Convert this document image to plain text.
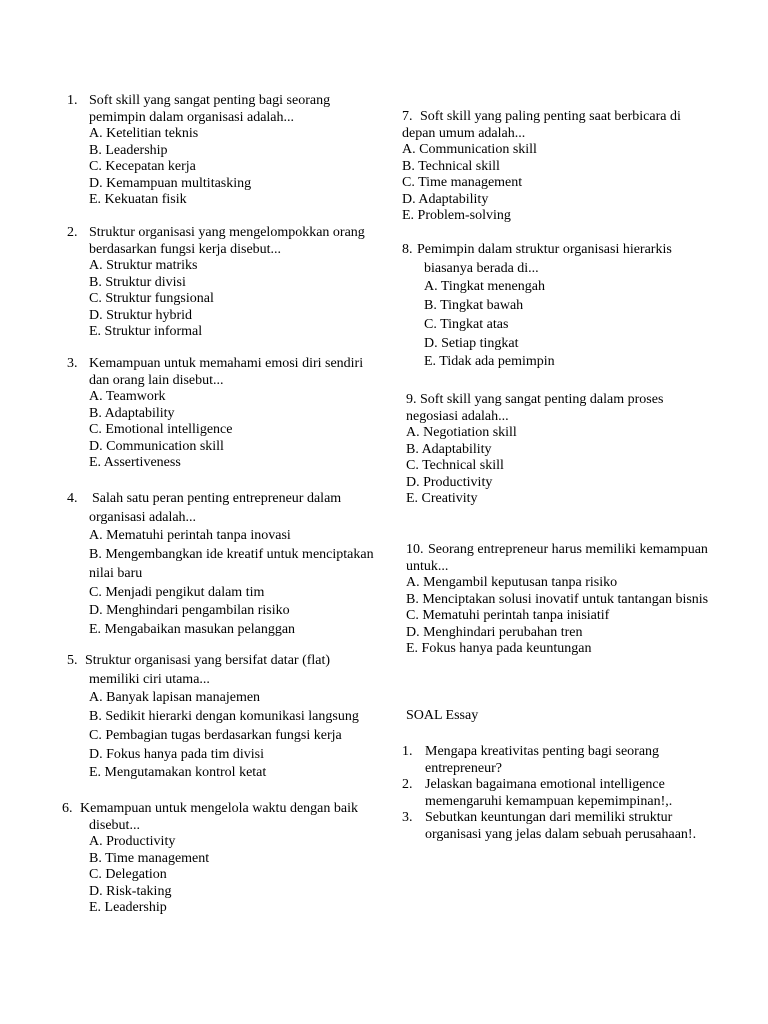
1. Soft skill yang sangat penting bagi seorang
pemimpin dalam organisasi adalah...
A. Ketelitian teknis
B. Leadership
C. Kecepatan kerja
D. Kemampuan multitasking
E. Kekuatan fisik
2. Struktur organisasi yang mengelompokkan orang
berdasarkan fungsi kerja disebut...
A. Struktur matriks
B. Struktur divisi
C. Struktur fungsional
D. Struktur hybrid
E. Struktur informal
3. Kemampuan untuk memahami emosi diri sendiri
dan orang lain disebut...
A. Teamwork
B. Adaptability
C. Emotional intelligence
D. Communication skill
E. Assertiveness
4. Salah satu peran penting entrepreneur dalam
organisasi adalah...
A. Mematuhi perintah tanpa inovasi
B. Mengembangkan ide kreatif untuk menciptakan
nilai baru
C. Menjadi pengikut dalam tim
D. Menghindari pengambilan risiko
E. Mengabaikan masukan pelanggan
5. Struktur organisasi yang bersifat datar (flat)
memiliki ciri utama...
A. Banyak lapisan manajemen
B. Sedikit hierarki dengan komunikasi langsung
C. Pembagian tugas berdasarkan fungsi kerja
D. Fokus hanya pada tim divisi
E. Mengutamakan kontrol ketat
6. Kemampuan untuk mengelola waktu dengan baik
disebut...
A. Productivity
B. Time management
C. Delegation
D. Risk-taking
E. Leadership
7. Soft skill yang paling penting saat berbicara di
depan umum adalah...
A. Communication skill
B. Technical skill
C. Time management
D. Adaptability
E. Problem-solving
8. Pemimpin dalam struktur organisasi hierarkis
biasanya berada di...
A. Tingkat menengah
B. Tingkat bawah
C. Tingkat atas
D. Setiap tingkat
E. Tidak ada pemimpin
9. Soft skill yang sangat penting dalam proses
negosiasi adalah...
A. Negotiation skill
B. Adaptability
C. Technical skill
D. Productivity
E. Creativity
10. Seorang entrepreneur harus memiliki kemampuan
untuk...
A. Mengambil keputusan tanpa risiko
B. Menciptakan solusi inovatif untuk tantangan bisnis
C. Mematuhi perintah tanpa inisiatif
D. Menghindari perubahan tren
E. Fokus hanya pada keuntungan
SOAL Essay
1. Mengapa kreativitas penting bagi seorang
entrepreneur?
2. Jelaskan bagaimana emotional intelligence
memengaruhi kemampuan kepemimpinan!,.
3. Sebutkan keuntungan dari memiliki struktur
organisasi yang jelas dalam sebuah perusahaan!.
